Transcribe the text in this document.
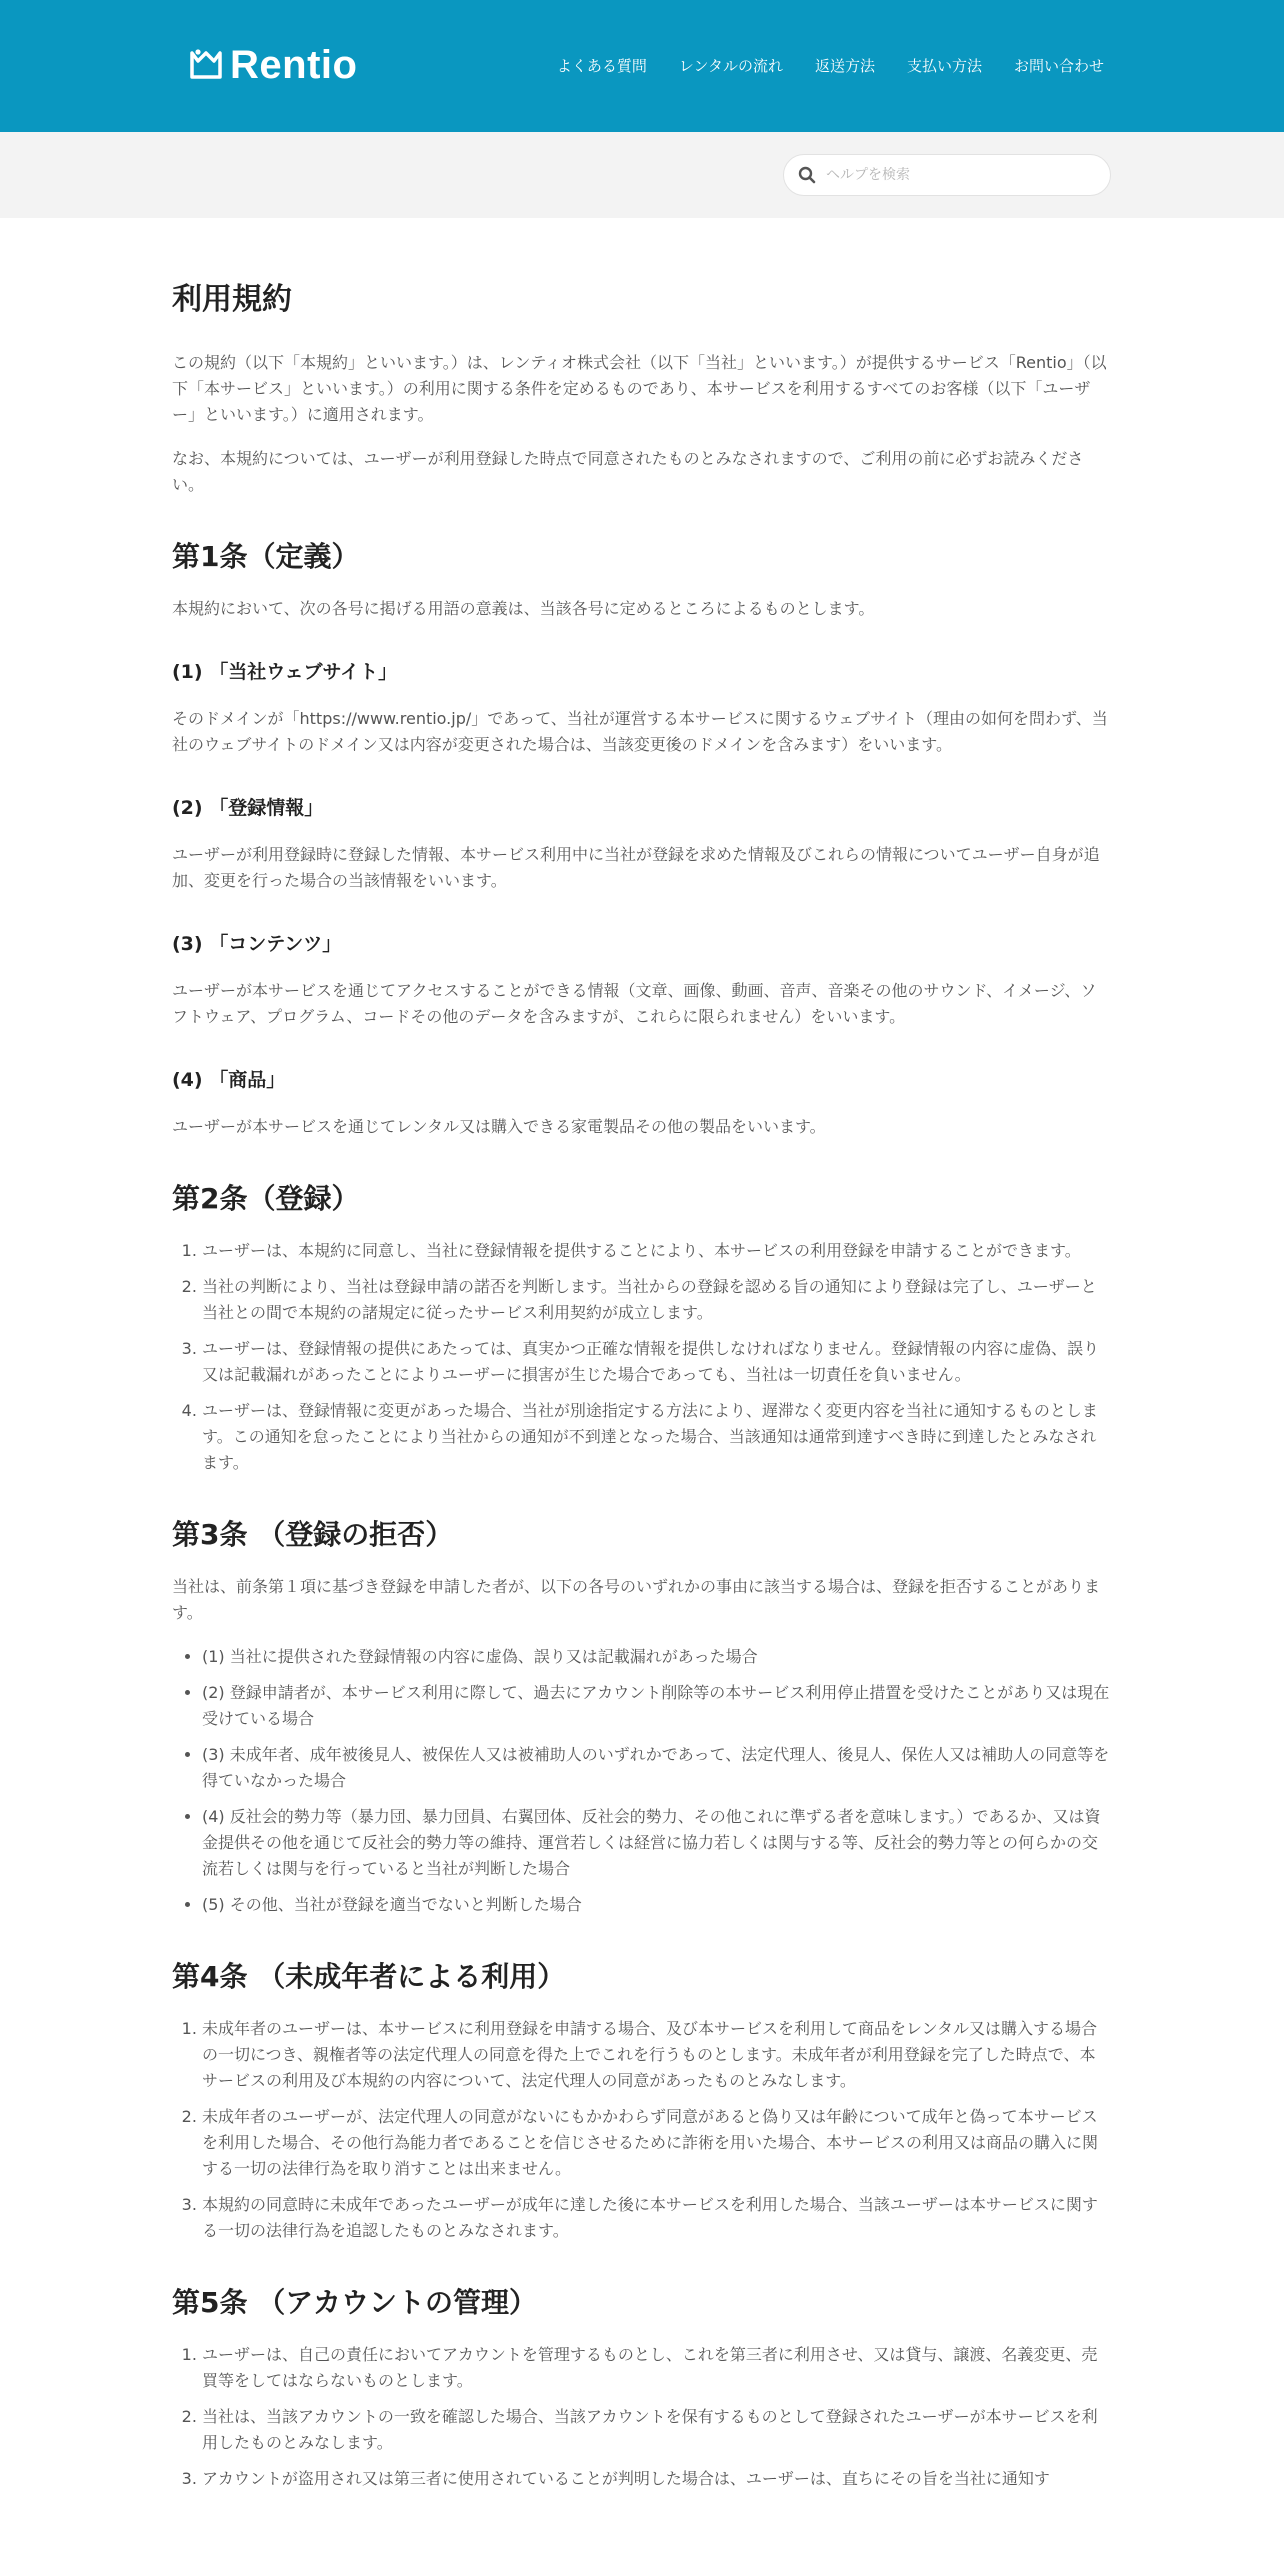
Rentio	よくある質問 レンタルの流れ 返送方法 支払い方法 お問い合わせ
ヘルプを検索
利用規約

この規約（以下「本規約」といいます。）は、レンティオ株式会社（以下「当社」といいます。）が提供するサービス「Rentio」（以下「本サービス」といいます。）の利用に関する条件を定めるものであり、本サービスを利用するすべてのお客様（以下「ユーザー」といいます。）に適用されます。

なお、本規約については、ユーザーが利用登録した時点で同意されたものとみなされますので、ご利用の前に必ずお読みください。

第1条（定義）

本規約において、次の各号に掲げる用語の意義は、当該各号に定めるところによるものとします。

(1) 「当社ウェブサイト」

そのドメインが「https://www.rentio.jp/」であって、当社が運営する本サービスに関するウェブサイト（理由の如何を問わず、当社のウェブサイトのドメイン又は内容が変更された場合は、当該変更後のドメインを含みます）をいいます。

(2) 「登録情報」

ユーザーが利用登録時に登録した情報、本サービス利用中に当社が登録を求めた情報及びこれらの情報についてユーザー自身が追加、変更を行った場合の当該情報をいいます。

(3) 「コンテンツ」

ユーザーが本サービスを通じてアクセスすることができる情報（文章、画像、動画、音声、音楽その他のサウンド、イメージ、ソフトウェア、プログラム、コードその他のデータを含みますが、これらに限られません）をいいます。

(4) 「商品」

ユーザーが本サービスを通じてレンタル又は購入できる家電製品その他の製品をいいます。

第2条（登録）
1. ユーザーは、本規約に同意し、当社に登録情報を提供することにより、本サービスの利用登録を申請することができます。
2. 当社の判断により、当社は登録申請の諾否を判断します。当社からの登録を認める旨の通知により登録は完了し、ユーザーと当社との間で本規約の諸規定に従ったサービス利用契約が成立します。
3. ユーザーは、登録情報の提供にあたっては、真実かつ正確な情報を提供しなければなりません。登録情報の内容に虚偽、誤り又は記載漏れがあったことによりユーザーに損害が生じた場合であっても、当社は一切責任を負いません。
4. ユーザーは、登録情報に変更があった場合、当社が別途指定する方法により、遅滞なく変更内容を当社に通知するものとします。この通知を怠ったことにより当社からの通知が不到達となった場合、当該通知は通常到達すべき時に到達したとみなされます。
第3条 （登録の拒否）

当社は、前条第１項に基づき登録を申請した者が、以下の各号のいずれかの事由に該当する場合は、登録を拒否することがあります。

• (1) 当社に提供された登録情報の内容に虚偽、誤り又は記載漏れがあった場合
• (2) 登録申請者が、本サービス利用に際して、過去にアカウント削除等の本サービス利用停止措置を受けたことがあり又は現在受けている場合
• (3) 未成年者、成年被後見人、被保佐人又は被補助人のいずれかであって、法定代理人、後見人、保佐人又は補助人の同意等を得ていなかった場合
• (4) 反社会的勢力等（暴力団、暴力団員、右翼団体、反社会的勢力、その他これに準ずる者を意味します。）であるか、又は資金提供その他を通じて反社会的勢力等の維持、運営若しくは経営に協力若しくは関与する等、反社会的勢力等との何らかの交流若しくは関与を行っていると当社が判断した場合
• (5) その他、当社が登録を適当でないと判断した場合
第4条 （未成年者による利用）
1. 未成年者のユーザーは、本サービスに利用登録を申請する場合、及び本サービスを利用して商品をレンタル又は購入する場合の一切につき、親権者等の法定代理人の同意を得た上でこれを行うものとします。未成年者が利用登録を完了した時点で、本サービスの利用及び本規約の内容について、法定代理人の同意があったものとみなします。
2. 未成年者のユーザーが、法定代理人の同意がないにもかかわらず同意があると偽り又は年齢について成年と偽って本サービスを利用した場合、その他行為能力者であることを信じさせるために詐術を用いた場合、本サービスの利用又は商品の購入に関する一切の法律行為を取り消すことは出来ません。
3. 本規約の同意時に未成年であったユーザーが成年に達した後に本サービスを利用した場合、当該ユーザーは本サービスに関する一切の法律行為を追認したものとみなされます。
第5条 （アカウントの管理）
1. ユーザーは、自己の責任においてアカウントを管理するものとし、これを第三者に利用させ、又は貸与、譲渡、名義変更、売買等をしてはならないものとします。
2. 当社は、当該アカウントの一致を確認した場合、当該アカウントを保有するものとして登録されたユーザーが本サービスを利用したものとみなします。
3. アカウントが盗用され又は第三者に使用されていることが判明した場合は、ユーザーは、直ちにその旨を当社に通知す
